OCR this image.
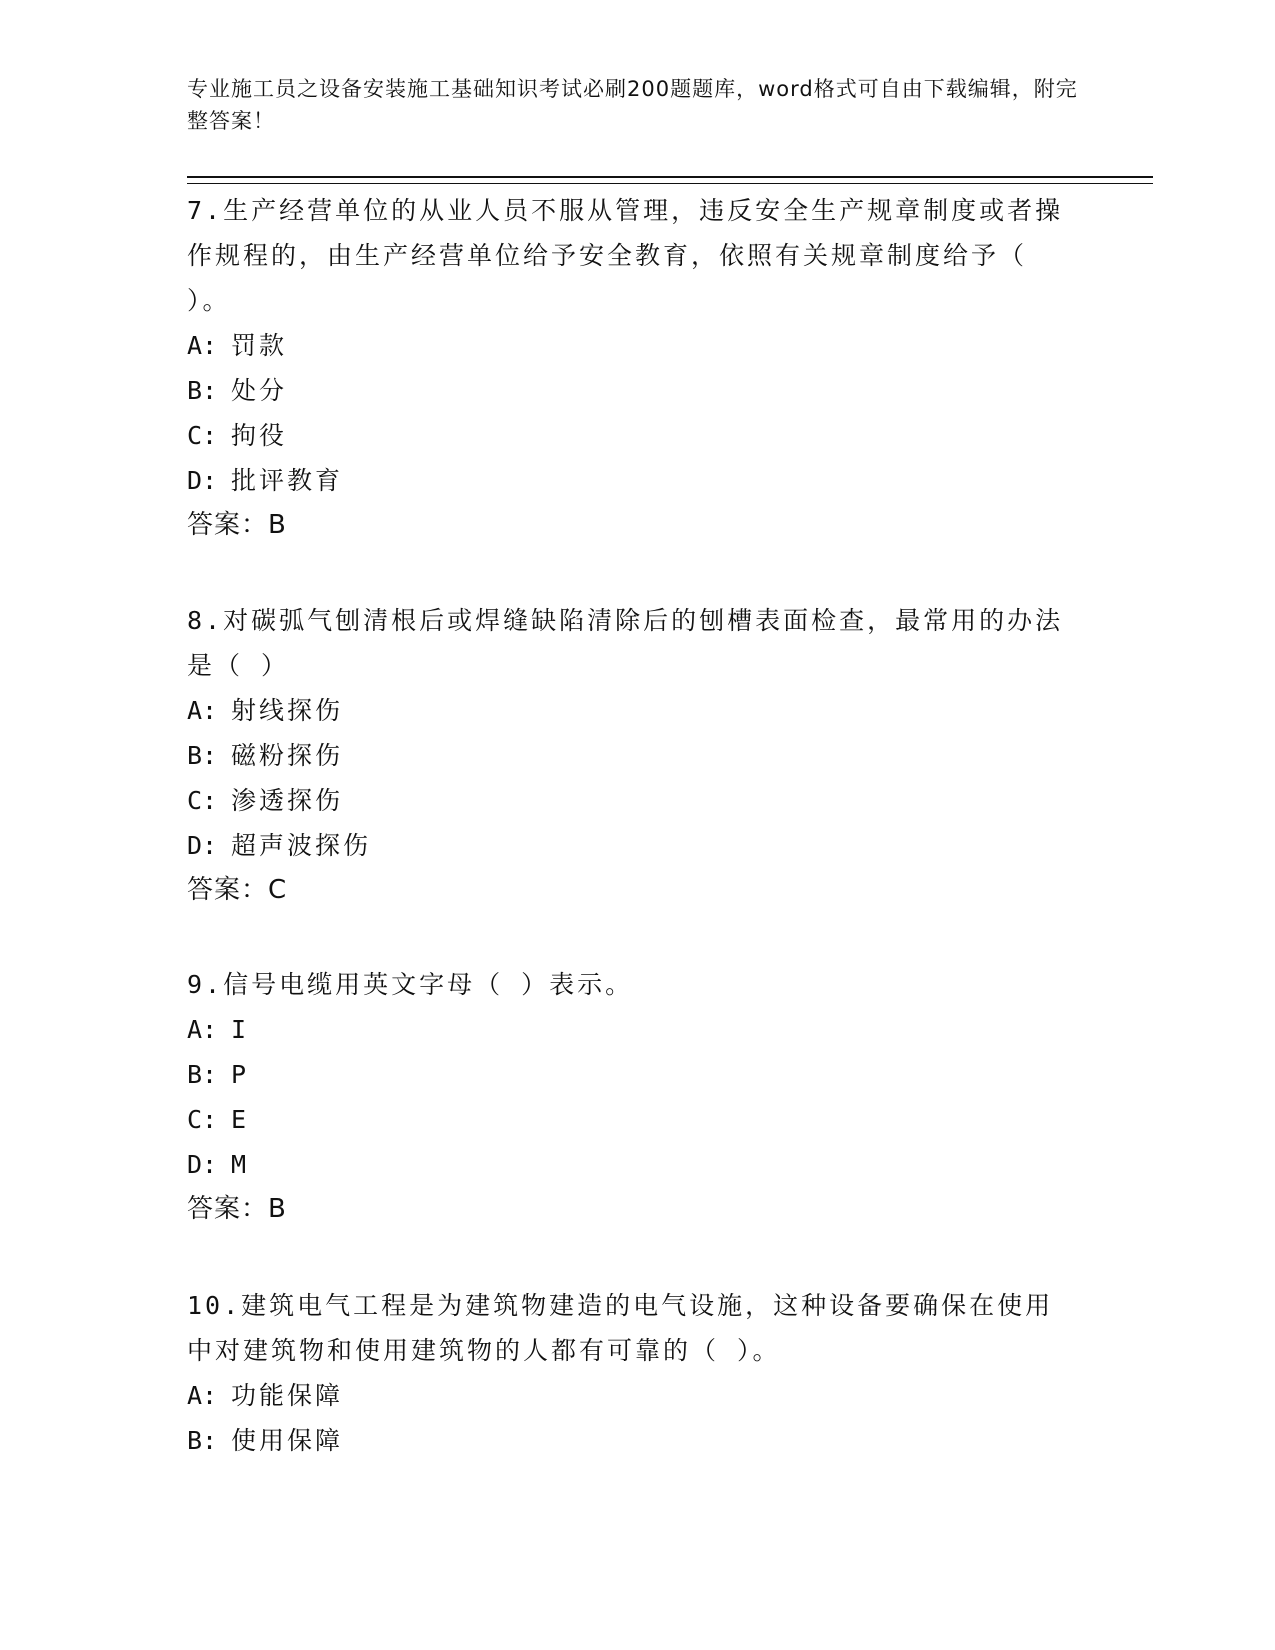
专业施工员之设备安装施工基础知识考试必刷200题题库，word格式可自由下载编辑，附完整答案！

7.生产经营单位的从业人员不服从管理，违反安全生产规章制度或者操作规程的，由生产经营单位给予安全教育，依照有关规章制度给予（ ）。

A: 罚款
B: 处分
C: 拘役
D: 批评教育
答案：B

8.对碳弧气刨清根后或焊缝缺陷清除后的刨槽表面检查，最常用的办法是（ ）

A: 射线探伤
B: 磁粉探伤
C: 渗透探伤
D: 超声波探伤
答案：C

9.信号电缆用英文字母（ ）表示。

A: I
B: P
C: E
D: M
答案：B

10.建筑电气工程是为建筑物建造的电气设施，这种设备要确保在使用中对建筑物和使用建筑物的人都有可靠的（ ）。

A: 功能保障
B: 使用保障
